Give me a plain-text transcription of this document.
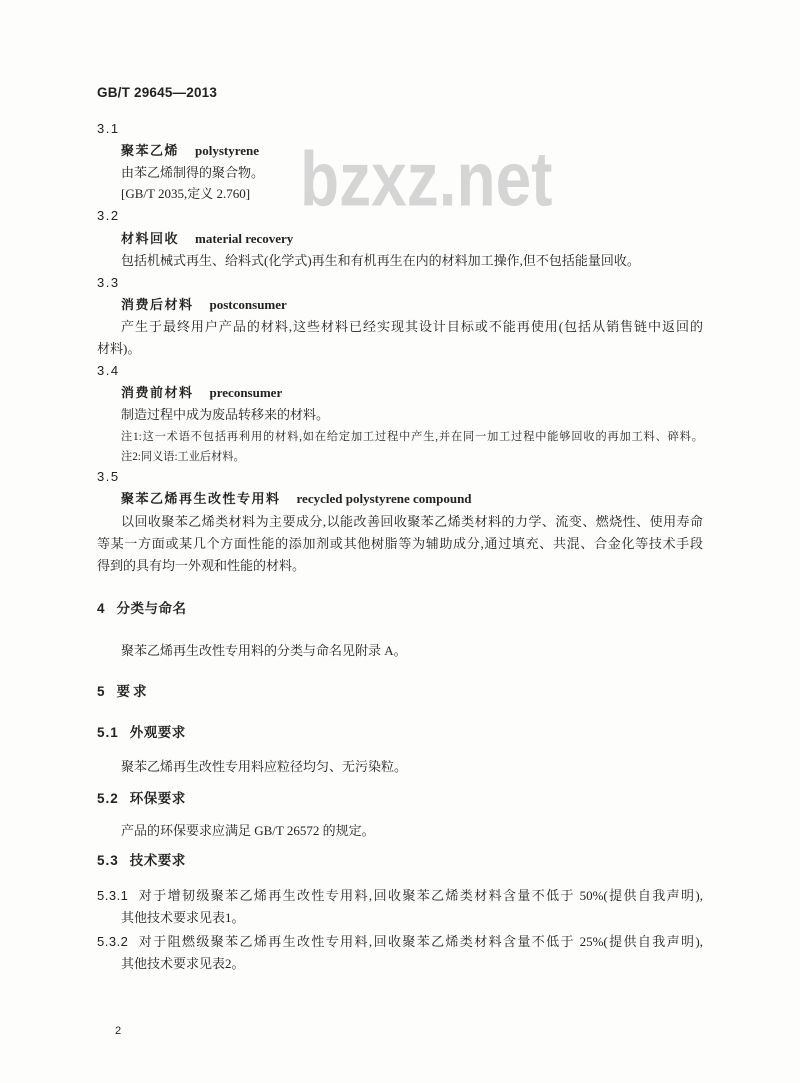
bzxz.net
GB/T 29645—2013
3.1
聚苯乙烯 polystyrene
由苯乙烯制得的聚合物。
[GB/T 2035,定义 2.760]
3.2
材料回收 material recovery
包括机械式再生、给料式(化学式)再生和有机再生在内的材料加工操作,但不包括能量回收。
3.3
消费后材料 postconsumer
产生于最终用户产品的材料,这些材料已经实现其设计目标或不能再使用(包括从销售链中返回的
材料)。
3.4
消费前材料 preconsumer
制造过程中成为废品转移来的材料。
注1:这一术语不包括再利用的材料,如在给定加工过程中产生,并在同一加工过程中能够回收的再加工料、碎料。
注2:同义语:工业后材料。
3.5
聚苯乙烯再生改性专用料 recycled polystyrene compound
以回收聚苯乙烯类材料为主要成分,以能改善回收聚苯乙烯类材料的力学、流变、燃烧性、使用寿命
等某一方面或某几个方面性能的添加剂或其他树脂等为辅助成分,通过填充、共混、合金化等技术手段
得到的具有均一外观和性能的材料。
4 分类与命名
聚苯乙烯再生改性专用料的分类与命名见附录 A。
5 要求
5.1 外观要求
聚苯乙烯再生改性专用料应粒径均匀、无污染粒。
5.2 环保要求
产品的环保要求应满足 GB/T 26572 的规定。
5.3 技术要求
5.3.1 对于增韧级聚苯乙烯再生改性专用料,回收聚苯乙烯类材料含量不低于 50%(提供自我声明),
其他技术要求见表1。
5.3.2 对于阻燃级聚苯乙烯再生改性专用料,回收聚苯乙烯类材料含量不低于 25%(提供自我声明),
其他技术要求见表2。
2
